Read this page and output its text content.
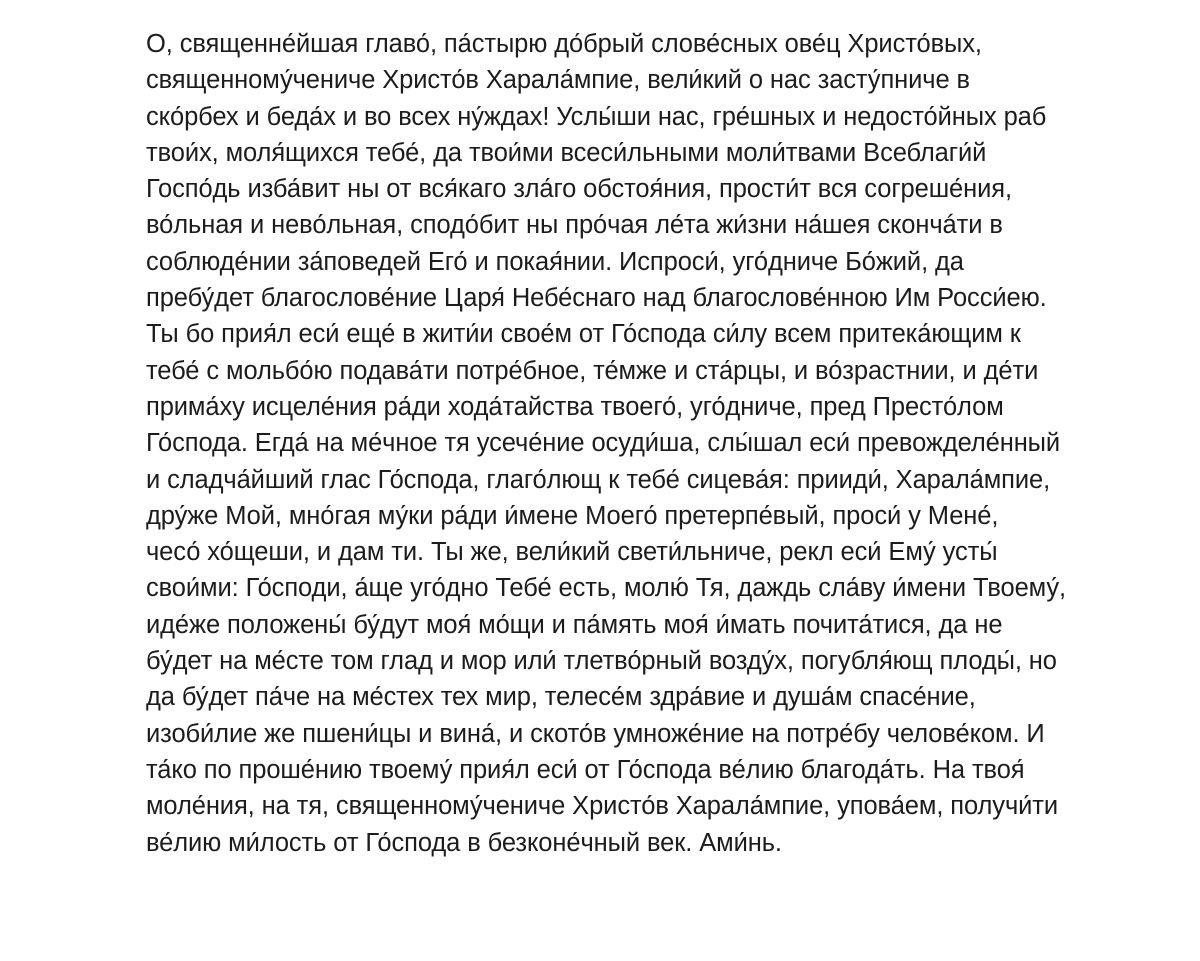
О, священне́йшая главо́, па́стырю до́брый слове́сных ове́ц Христо́вых,
священному́чениче Христо́в Харала́мпие, вели́кий о нас засту́пниче в
ско́рбех и беда́х и во всех ну́ждах! Услы́ши нас, гре́шных и недосто́йных раб
твои́х, моля́щихся тебе́, да твои́ми всеси́льными моли́твами Всеблаги́й
Госпо́дь изба́вит ны от вся́каго зла́го обстоя́ния, прости́т вся согреше́ния,
во́льная и нево́льная, сподо́бит ны про́чая ле́та жи́зни на́шея скончáти в
соблюде́нии за́поведей Его́ и покая́нии. Испроси́, уго́дниче Бо́жий, да
пребу́дет благослове́ние Царя́ Небе́снаго над благослове́нною Им Росси́ею.
Ты бо прия́л еси́ еще́ в жити́и свое́м от Го́спода си́лу всем притека́ющим к
тебе́ с мольбо́ю подава́ти потре́бное, те́мже и ста́рцы, и во́зрастнии, и де́ти
прима́ху исцеле́ния ра́ди хода́тайства твоего́, уго́дниче, пред Престо́лом
Го́спода. Егда́ на ме́чное тя усече́ние осуди́ша, слы́шал еси́ превожделе́нный
и сладча́йший глас Го́спода, глаго́лющ к тебе́ сицева́я: прииди́, Харала́мпие,
дру́же Мой, мно́гая му́ки ра́ди и́мене Моего́ претерпе́вый, проси́ у Мене́,
чесо́ хо́щеши, и дам ти. Ты же, вели́кий свети́льниче, рекл еси́ Ему́ усты́
свои́ми: Го́споди, а́ще уго́дно Тебе́ есть, молю́ Тя, даждь сла́ву и́мени Твоему́,
иде́же положены́ бу́дут моя́ мо́щи и па́мять моя́ и́мать почита́тися, да не
бу́дет на ме́сте том глад и мор или́ тлетво́рный возду́х, погубля́ющ плоды́, но
да бу́дет па́че на ме́стех тех мир, телесе́м здра́вие и душа́м спасе́ние,
изоби́лие же пшени́цы и вина́, и ското́в умноже́ние на потре́бу челове́ком. И
та́ко по проше́нию твоему́ прия́л еси́ от Го́спода ве́лию благода́ть. На твоя́
моле́ния, на тя, священному́чениче Христо́в Харала́мпие, упова́ем, получи́ти
ве́лию ми́лость от Го́спода в безконе́чный век. Ами́нь.
